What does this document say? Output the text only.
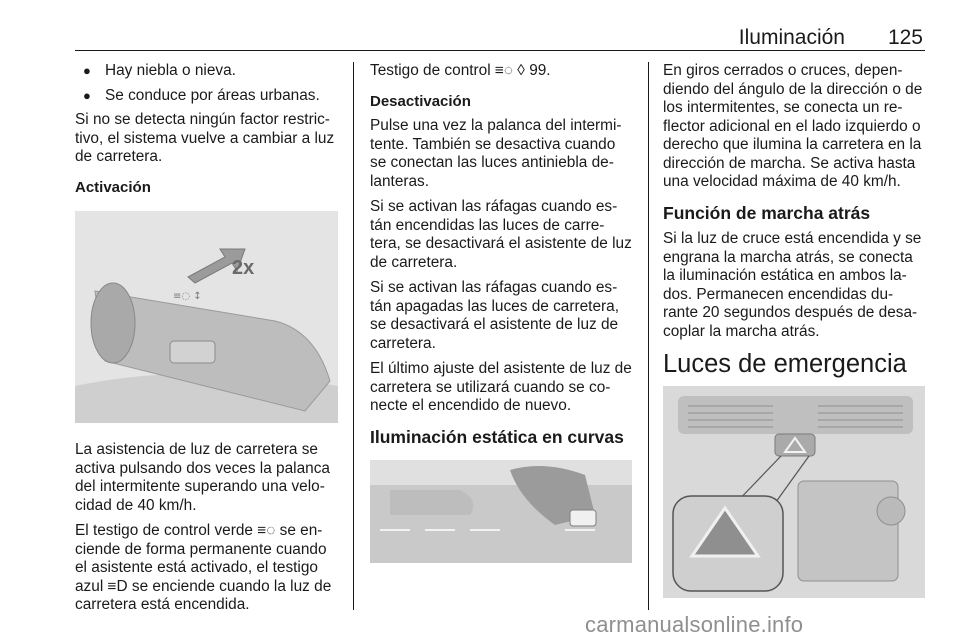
Iluminación 125
● Hay niebla o nieva.
● Se conduce por áreas urbanas.

Si no se detecta ningún factor restric-tivo, el sistema vuelve a cambiar a luz de carretera.

Activación
≡◌ ↕
2x

La asistencia de luz de carretera se activa pulsando dos veces la palanca del intermitente superando una velo-cidad de 40 km/h.

El testigo de control verde ≡◌ se en-ciende de forma permanente cuando el asistente está activado, el testigo azul ≡D se enciende cuando la luz de carretera está encendida.

Testigo de control ≡◌ ◊ 99.

Desactivación

Pulse una vez la palanca del intermi-tente. También se desactiva cuando se conectan las luces antiniebla de-lanteras.

Si se activan las ráfagas cuando es-tán encendidas las luces de carre-tera, se desactivará el asistente de luz de carretera.

Si se activan las ráfagas cuando es-tán apagadas las luces de carretera, se desactivará el asistente de luz de carretera.

El último ajuste del asistente de luz de carretera se utilizará cuando se co-necte el encendido de nuevo.

Iluminación estática en curvas

En giros cerrados o cruces, depen-diendo del ángulo de la dirección o de los intermitentes, se conecta un re-flector adicional en el lado izquierdo o derecho que ilumina la carretera en la dirección de marcha. Se activa hasta una velocidad máxima de 40 km/h.

Función de marcha atrás

Si la luz de cruce está encendida y se engrana la marcha atrás, se conecta la iluminación estática en ambos la-dos. Permanecen encendidas du-rante 20 segundos después de desa-coplar la marcha atrás.

Luces de emergencia
carmanualsonline.info
